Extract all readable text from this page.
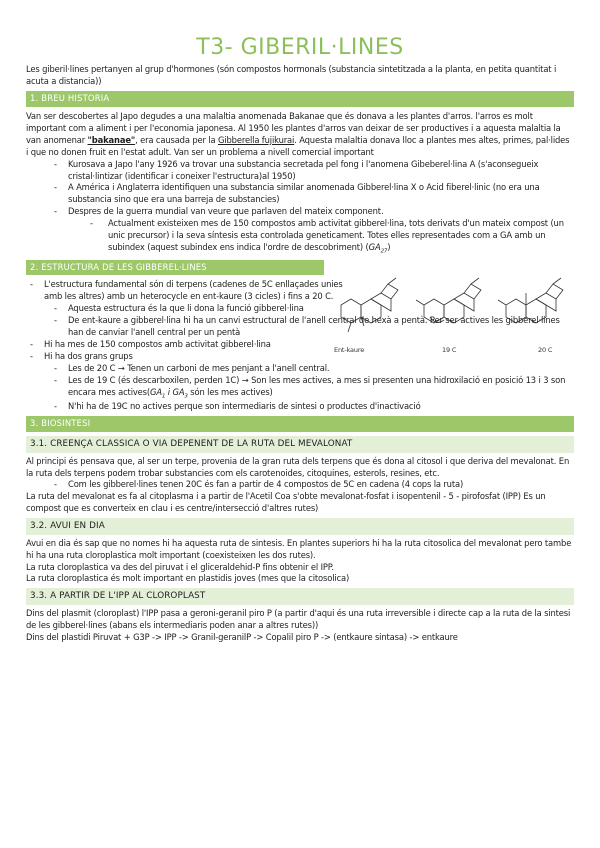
T3- GIBERIL·LINES

Les giberil·lines pertanyen al grup d'hormones (són compostos hormonals (substancia sintetitzada a la planta, en petita quantitat i acuta a distancia))

1. BREU HISTORIA

Van ser descobertes al Japo degudes a una malaltia anomenada Bakanae que és donava a les plantes d'arros. l'arros es molt important com a aliment i per l'economia japonesa. Al 1950 les plantes d'arros van deixar de ser productives i a aquesta malaltia la van anomenar "bakanae", era causada per la Gibberella fujikurai. Aquesta malaltia donava lloc a plantes mes altes, primes, pal·lides i que no donen fruit en l'estat adult. Van ser un problema a nivell comercial important

- Kurosava a Japo l'any 1926 va trovar una substancia secretada pel fong i l'anomena Gibeberel·lina A (s'aconsegueix cristal·lintizar (identificar i coneixer l'estructura)al 1950)
- A América i Anglaterra identifiquen una substancia similar anomenada Gibberel·lina X o Acid fiberel·linic (no era una substancia sino que era una barreja de substancies)
- Despres de la guerra mundial van veure que parlaven del mateix component.
- Actualment existeixen mes de 150 compostos amb activitat gibberel·lina, tots derivats d'un mateix compost (un unic precursor) i la seva síntesis esta controlada geneticament. Totes elles representades com a GA amb un subindex (aquest subindex ens indica l'ordre de descobriment) $(GA_{27})$
2. ESTRUCTURA DE LES GIBBEREL·LINES
Ent-kaure	19 C	20 C
- L'estructura fundamental són di terpens (cadenes de 5C enllaçades unies amb les altres) amb un heterocycle en ent-kaure (3 cicles) i fins a 20 C.
- Aquesta estructura és la que li dona la funció gibberel·lina
- De ent-kaure a gibberel·lina hi ha un canvi estructural de l'anell central de hexà a pentà. Per ser actives les gibberel·lines han de canviar l'anell central per un pentà
- Hi ha mes de 150 compostos amb activitat gibberel·lina
- Hi ha dos grans grups
- Les de 20 C → Tenen un carboni de mes penjant a l'anell central.
- Les de 19 C (és descarboxilen, perden 1C) → Son les mes actives, a mes si presenten una hidroxilació en posició 13 i 3 son encara mes $actives(GA_1$ i $GA_3$ són les mes actives)
- N'hi ha de 19C no actives perque son intermediaris de sintesi o productes d'inactivació
3. BIOSINTESI
3.1. CREENÇA CLASSICA O VIA DEPENENT DE LA RUTA DEL MEVALONAT

Al principi és pensava que, al ser un terpe, provenia de la gran ruta dels terpens que és dona al citosol i que deriva del mevalonat. En la ruta dels terpens podem trobar substancies com els carotenoides, citoquines, esterols, resines, etc.

- Com les gibberel·lines tenen 20C és fan a partir de 4 compostos de 5C en cadena (4 cops la ruta)

La ruta del mevalonat es fa al citoplasma i a partir de l'Acetil Coa s'obte mevalonat-fosfat i isopentenil - 5 - pirofosfat (IPP) Es un compost que es converteix en clau i es centre/intersecció d'altres rutes)

3.2. AVUI EN DIA

Avui en dia és sap que no nomes hi ha aquesta ruta de sintesis. En plantes superiors hi ha la ruta citosolica del mevalonat pero tambe hi ha una ruta cloroplastica molt important (coexisteixen les dos rutes).

La ruta cloroplastica va des del piruvat i el gliceraldehid-P fins obtenir el IPP.

La ruta cloroplastica és molt important en plastidis joves (mes que la citosolica)

3.3. A PARTIR DE L'IPP AL CLOROPLAST

Dins del plasmit (cloroplast) l'IPP pasa a geroni-geranil piro P (a partir d'aqui és una ruta irreversible i directe cap a la ruta de la sintesi de les gibberel·lines (abans els intermediaris poden anar a altres rutes))

Dins del plastidi Piruvat + G3P -> IPP -> Granil-geranilP -> Copalil piro P -> (entkaure sintasa) -> entkaure
